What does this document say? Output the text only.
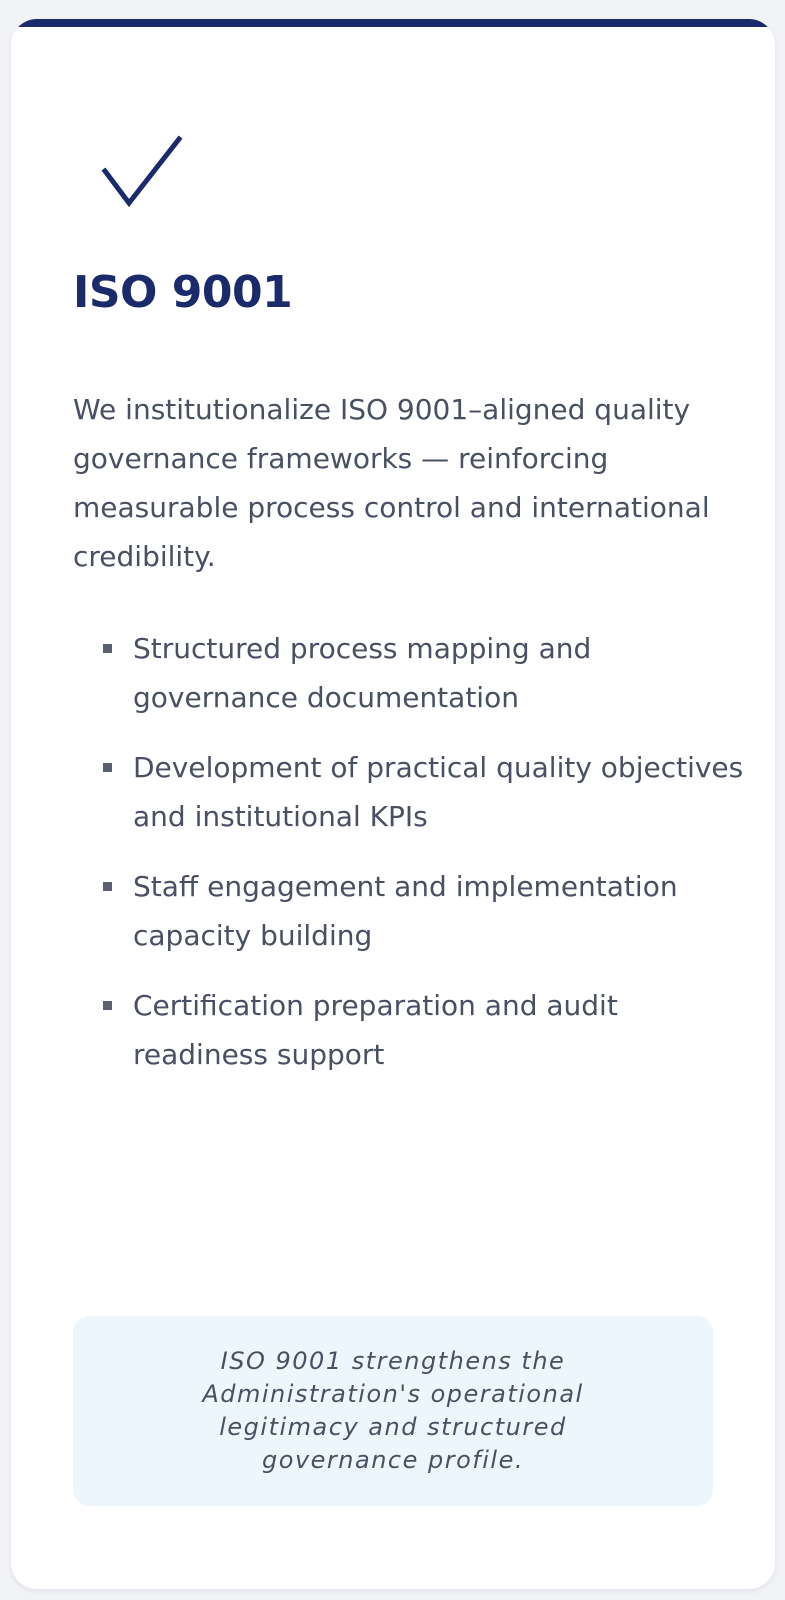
ISO 9001

We institutionalize ISO 9001–aligned quality governance frameworks — reinforcing measurable process control and international credibility.

Structured process mapping and governance documentation
Development of practical quality objectives and institutional KPIs
Staff engagement and implementation capacity building
Certification preparation and audit readiness support

ISO 9001 strengthens the Administration's operational legitimacy and structured governance profile.
